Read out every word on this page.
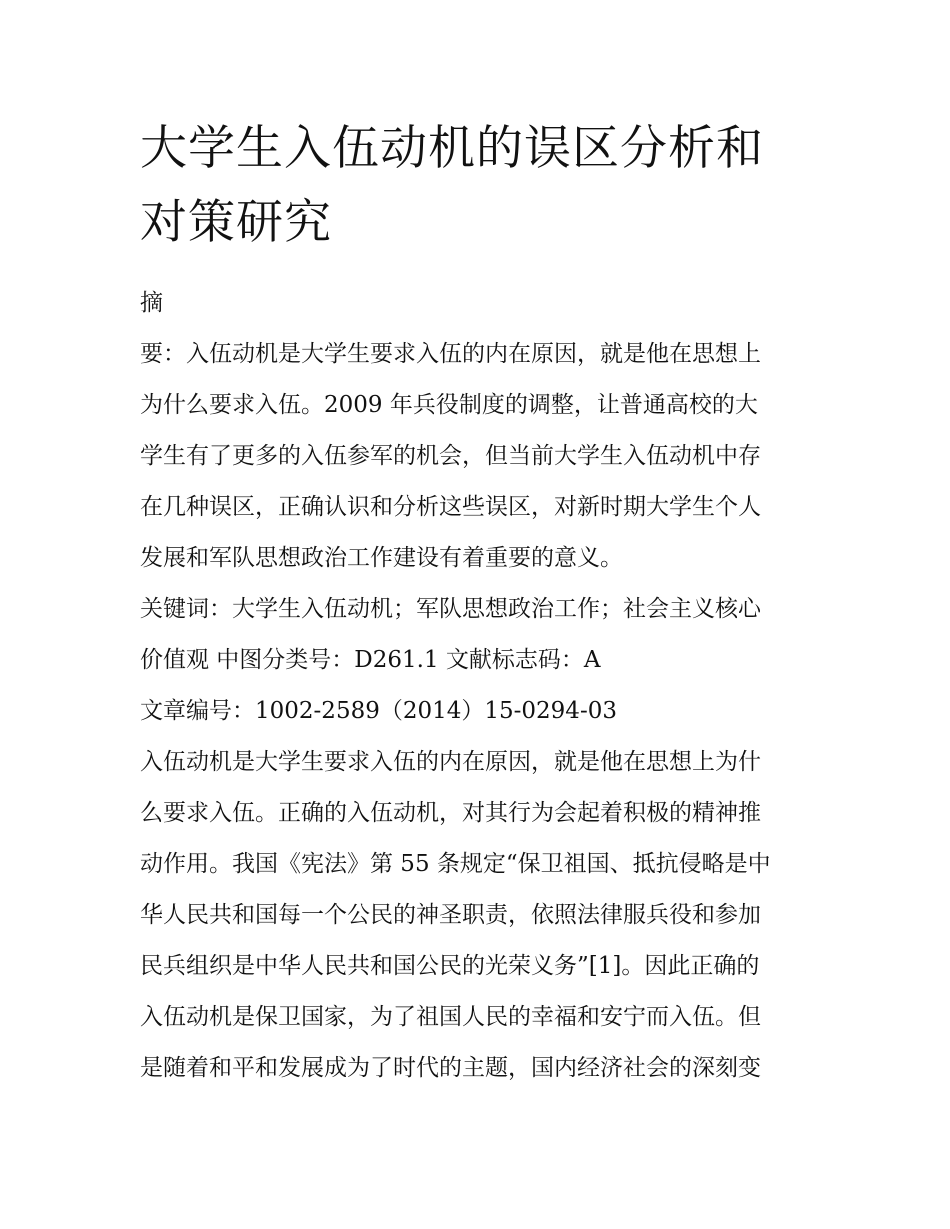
大学生入伍动机的误区分析和
对策研究
摘
要：入伍动机是大学生要求入伍的内在原因，就是他在思想上
为什么要求入伍。2009 年兵役制度的调整，让普通高校的大
学生有了更多的入伍参军的机会，但当前大学生入伍动机中存
在几种误区，正确认识和分析这些误区，对新时期大学生个人
发展和军队思想政治工作建设有着重要的意义。
关键词：大学生入伍动机；军队思想政治工作；社会主义核心
价值观 中图分类号：D261.1 文献标志码：A
文章编号：1002-2589（2014）15-0294-03
入伍动机是大学生要求入伍的内在原因，就是他在思想上为什
么要求入伍。正确的入伍动机，对其行为会起着积极的精神推
动作用。我国《宪法》第 55 条规定“保卫祖国、抵抗侵略是中
华人民共和国每一个公民的神圣职责，依照法律服兵役和参加
民兵组织是中华人民共和国公民的光荣义务”[1]。因此正确的
入伍动机是保卫国家，为了祖国人民的幸福和安宁而入伍。但
是随着和平和发展成为了时代的主题，国内经济社会的深刻变
